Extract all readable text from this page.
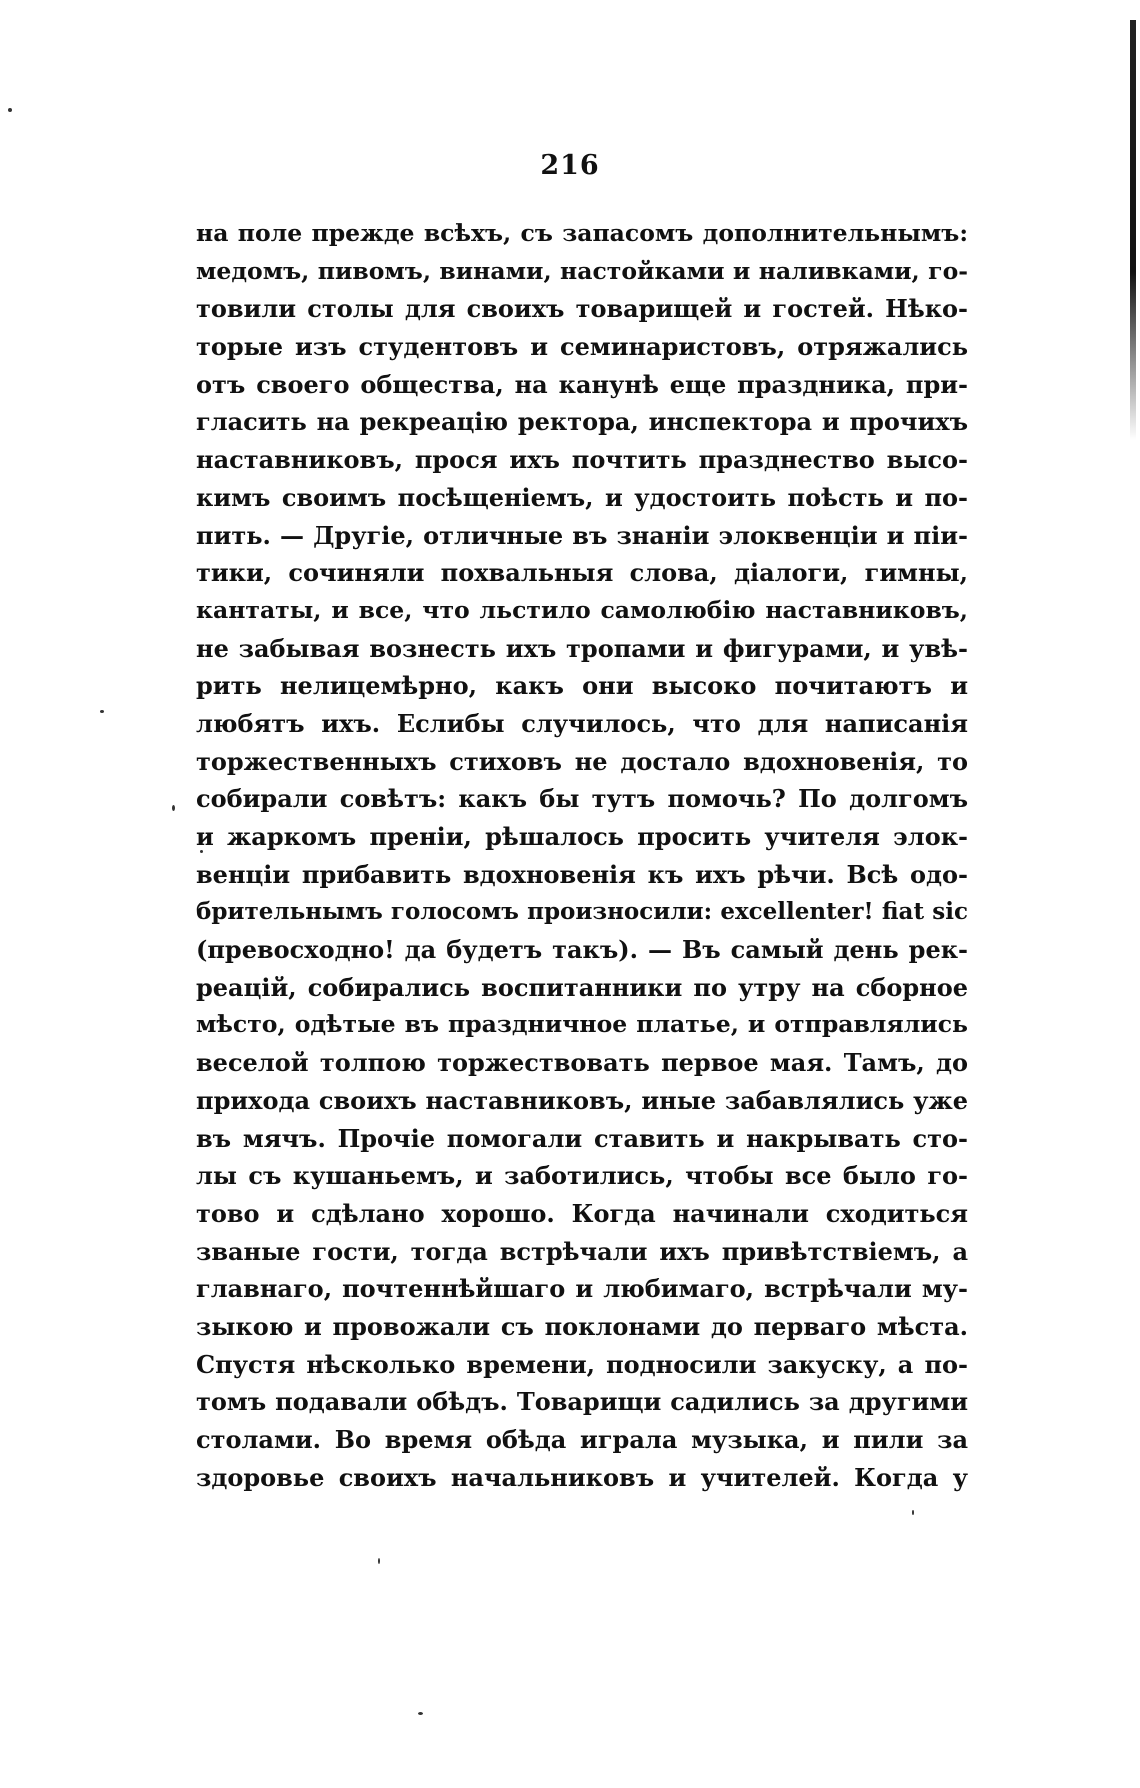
216
на поле прежде всѣхъ, съ запасомъ дополнительнымъ:
медомъ, пивомъ, винами, настойками и наливками, го-
товили столы для своихъ товарищей и гостей. Нѣко-
торые изъ студентовъ и семинаристовъ, отряжались
отъ своего общества, на канунѣ еще праздника, при-
гласить на рекреацію ректора, инспектора и прочихъ
наставниковъ, прося ихъ почтить празднество высо-
кимъ своимъ посѣщеніемъ, и удостоить поѣсть и по-
пить. — Другіе, отличные въ знаніи элоквенціи и піи-
тики, сочиняли похвальныя слова, діалоги, гимны,
кантаты, и все, что льстило самолюбію наставниковъ,
не забывая вознесть ихъ тропами и фигурами, и увѣ-
рить нелицемѣрно, какъ они высоко почитаютъ и
любятъ ихъ. Еслибы случилось, что для написанія
торжественныхъ стиховъ не достало вдохновенія, то
собирали совѣтъ: какъ бы тутъ помочь? По долгомъ
и жаркомъ преніи, рѣшалось просить учителя элок-
венціи прибавить вдохновенія къ ихъ рѣчи. Всѣ одо-
брительнымъ голосомъ произносили: excellenter! fiat sic
(превосходно! да будетъ такъ). — Въ самый день рек-
реацій, собирались воспитанники по утру на сборное
мѣсто, одѣтые въ праздничное платье, и отправлялись
веселой толпою торжествовать первое мая. Тамъ, до
прихода своихъ наставниковъ, иные забавлялись уже
въ мячъ. Прочіе помогали ставить и накрывать сто-
лы съ кушаньемъ, и заботились, чтобы все было го-
тово и сдѣлано хорошо. Когда начинали сходиться
званые гости, тогда встрѣчали ихъ привѣтствіемъ, а
главнаго, почтеннѣйшаго и любимаго, встрѣчали му-
зыкою и провожали съ поклонами до перваго мѣста.
Спустя нѣсколько времени, подносили закуску, а по-
томъ подавали обѣдъ. Товарищи садились за другими
столами. Во время обѣда играла музыка, и пили за
здоровье своихъ начальниковъ и учителей. Когда у
